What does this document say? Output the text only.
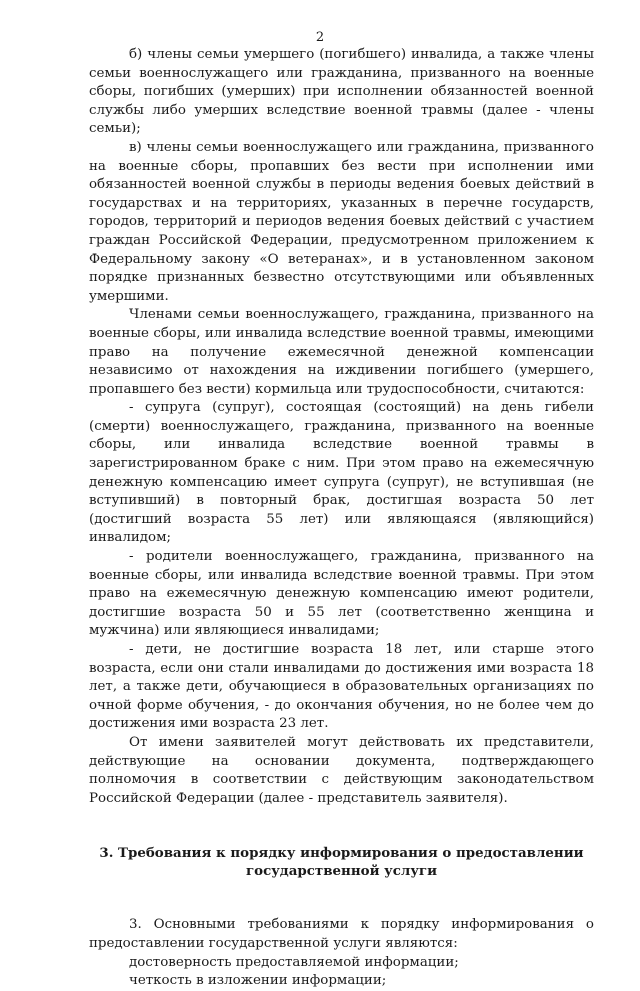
2

б) члены семьи умершего (погибшего) инвалида, а также члены семьи военнослужащего или гражданина, призванного на военные сборы, погибших (умерших) при исполнении обязанностей военной службы либо умерших вследствие военной травмы (далее - члены семьи);

в) члены семьи военнослужащего или гражданина, призванного на военные сборы, пропавших без вести при исполнении ими обязанностей военной службы в периоды ведения боевых действий в государствах и на территориях, указанных в перечне государств, городов, территорий и периодов ведения боевых действий с участием граждан Российской Федерации, предусмотренном приложением к Федеральному закону «О ветеранах», и в установленном законом порядке признанных безвестно отсутствующими или объявленных умершими.

Членами семьи военнослужащего, гражданина, призванного на военные сборы, или инвалида вследствие военной травмы, имеющими право на получение ежемесячной денежной компенсации независимо от нахождения на иждивении погибшего (умершего, пропавшего без вести) кормильца или трудоспособности, считаются:

- супруга (супруг), состоящая (состоящий) на день гибели (смерти) военнослужащего, гражданина, призванного на военные сборы, или инвалида вследствие военной травмы в зарегистрированном браке с ним. При этом право на ежемесячную денежную компенсацию имеет супруга (супруг), не вступившая (не вступивший) в повторный брак, достигшая возраста 50 лет (достигший возраста 55 лет) или являющаяся (являющийся) инвалидом;

- родители военнослужащего, гражданина, призванного на военные сборы, или инвалида вследствие военной травмы. При этом право на ежемесячную денежную компенсацию имеют родители, достигшие возраста 50 и 55 лет (соответственно женщина и мужчина) или являющиеся инвалидами;

- дети, не достигшие возраста 18 лет, или старше этого возраста, если они стали инвалидами до достижения ими возраста 18 лет, а также дети, обучающиеся в образовательных организациях по очной форме обучения, - до окончания обучения, но не более чем до достижения ими возраста 23 лет.

От имени заявителей могут действовать их представители, действующие на основании документа, подтверждающего полномочия в соответствии с действующим законодательством Российской Федерации (далее - представитель заявителя).

3. Требования к порядку информирования о предоставлении государственной услуги

3. Основными требованиями к порядку информирования о предоставлении государственной услуги являются:

достоверность предоставляемой информации;

четкость в изложении информации;
